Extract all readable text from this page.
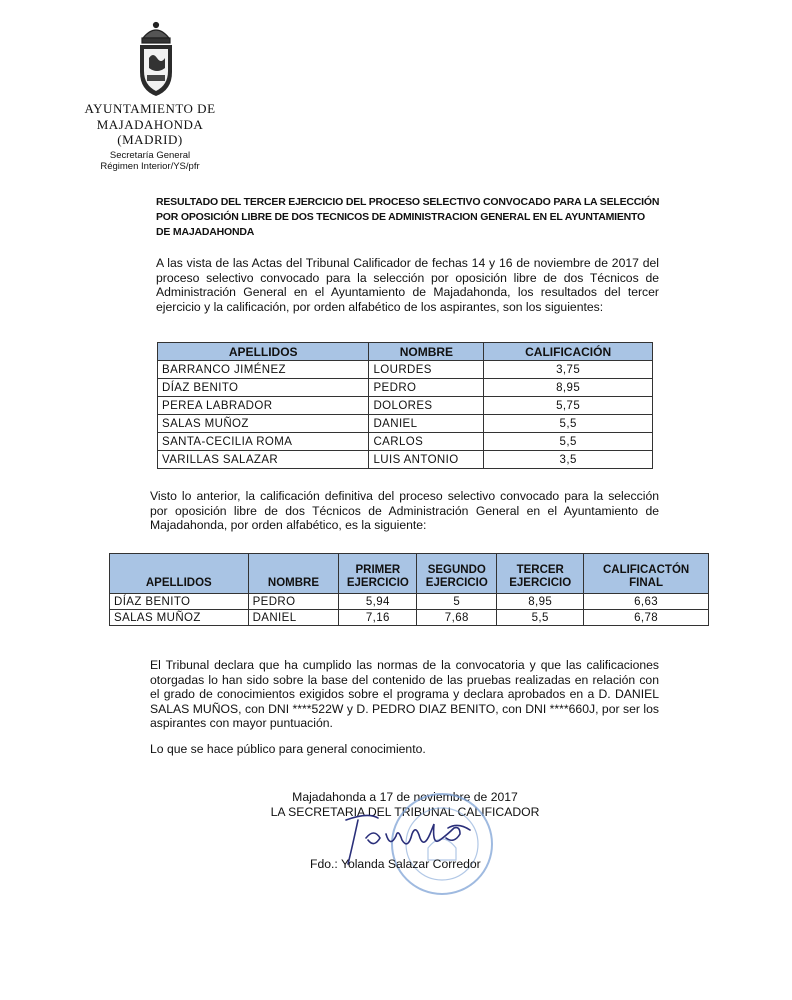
AYUNTAMIENTO DE
MAJADAHONDA
(MADRID)
Secretaría General
Régimen Interior/YS/pfr
RESULTADO DEL TERCER EJERCICIO DEL PROCESO SELECTIVO CONVOCADO PARA LA SELECCIÓN POR OPOSICIÓN LIBRE DE DOS TECNICOS DE ADMINISTRACION GENERAL EN EL AYUNTAMIENTO DE MAJADAHONDA
A las vista de las Actas del Tribunal Calificador de fechas 14 y 16 de noviembre de 2017 del proceso selectivo convocado para la selección por oposición libre de dos Técnicos de Administración General en el Ayuntamiento de Majadahonda, los resultados del tercer ejercicio y la calificación, por orden alfabético de los aspirantes, son los siguientes:
APELLIDOS	NOMBRE	CALIFICACIÓN
BARRANCO JIMÉNEZ	LOURDES	3,75
DÍAZ BENITO	PEDRO	8,95
PEREA LABRADOR	DOLORES	5,75
SALAS MUÑOZ	DANIEL	5,5
SANTA-CECILIA ROMA	CARLOS	5,5
VARILLAS SALAZAR	LUIS ANTONIO	3,5
Visto lo anterior, la calificación definitiva del proceso selectivo convocado para la selección por oposición libre de dos Técnicos de Administración General en el Ayuntamiento de Majadahonda, por orden alfabético, es la siguiente:
APELLIDOS	NOMBRE	PRIMER EJERCICIO	SEGUNDO EJERCICIO	TERCER EJERCICIO	CALIFICACTÓN FINAL
DÍAZ BENITO	PEDRO	5,94	5	8,95	6,63
SALAS MUÑOZ	DANIEL	7,16	7,68	5,5	6,78
El Tribunal declara que ha cumplido las normas de la convocatoria y que las calificaciones otorgadas lo han sido sobre la base del contenido de las pruebas realizadas en relación con el grado de conocimientos exigidos sobre el programa y declara aprobados en a D. DANIEL SALAS MUÑOS, con DNI ****522W y D. PEDRO DIAZ BENITO, con DNI ****660J, por ser los aspirantes con mayor puntuación.
Lo que se hace público para general conocimiento.
Majadahonda a 17 de noviembre de 2017
LA SECRETARIA DEL TRIBUNAL CALIFICADOR
Fdo.: Yolanda Salazar Corredor
